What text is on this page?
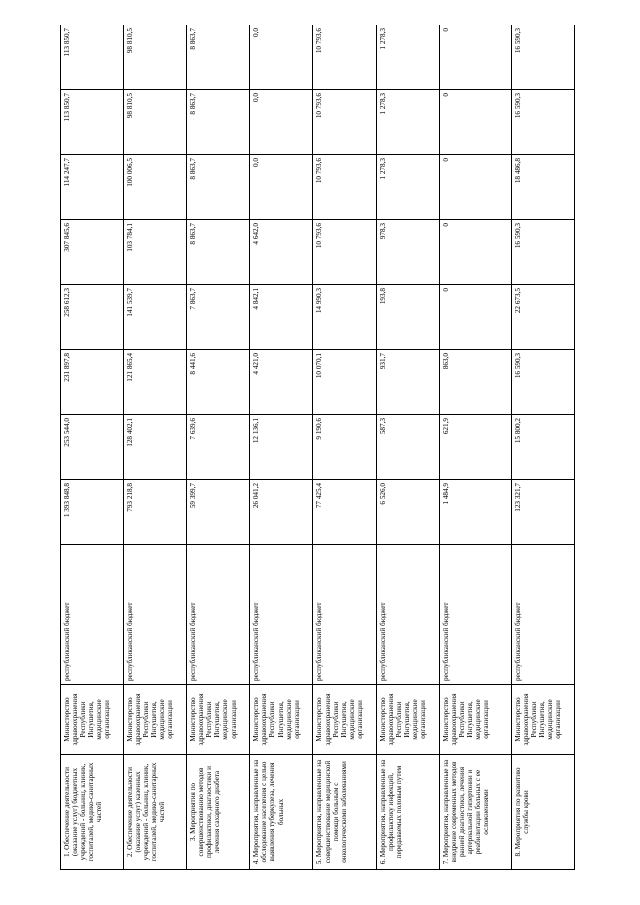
1. Обеспечение деятельности (оказание услуг) бюджетных учреждений - больниц, клиник, госпиталей, медико-санитарных частей	Министерство здравоохранения Республики Ингушетия, медицинские организации	республиканский бюджет	1 393 848,8	253 544,0	231 897,8	258 612,3	307 845,6	114 247,7	113 850,7	113 850,7
2. Обеспечение деятельности (оказание услуг) казенных учреждений - больниц, клиник, госпиталей, медико-санитарных частей	Министерство здравоохранения Республики Ингушетия, медицинские организации	республиканский бюджет	793 218,8	128 402,1	121 865,4	141 539,7	103 784,1	100 006,5	98 810,5	98 810,5
3. Мероприятия по совершенствованию методов профилактики, диагностики и лечения сахарного диабета	Министерство здравоохранения Республики Ингушетия, медицинские организации	республиканский бюджет	59 399,7	7 639,6	8 441,6	7 863,7	8 863,7	8 863,7	8 863,7	8 863,7
4. Мероприятия, направленные на обследование населения с целью выявления туберкулеза, лечения больных	Министерство здравоохранения Республики Ингушетия, медицинские организации	республиканский бюджет	26 041,2	12 136,1	4 421,0	4 842,1	4 642,0	0,0	0,0	0,0
5. Мероприятия, направленные на совершенствование медицинской помощи больным с онкологическими заболеваниями	Министерство здравоохранения Республики Ингушетия, медицинские организации	республиканский бюджет	77 425,4	9 190,6	10 070,1	14 990,3	10 793,6	10 793,6	10 793,6	10 793,6
6. Мероприятия, направленные на профилактику инфекций, передаваемых половым путем	Министерство здравоохранения Республики Ингушетия, медицинские организации	республиканский бюджет	6 526,0	587,3	931,7	193,8	978,3	1 278,3	1 278,3	1 278,3
7. Мероприятия, направленные на внедрение современных методов ранней диагностики, лечения артериальной гипертонии и реабилитации больных с ее осложнениями	Министерство здравоохранения Республики Ингушетия, медицинские организации	республиканский бюджет	1 484,9	621,9	863,0	0	0	0	0	0
8. Мероприятия по развитию службы крови	Министерство здравоохранения Республики Ингушетия, медицинские организации	республиканский бюджет	123 321,7	15 800,2	16 590,3	22 673,5	16 590,3	18 486,8	16 590,3	16 590,3
